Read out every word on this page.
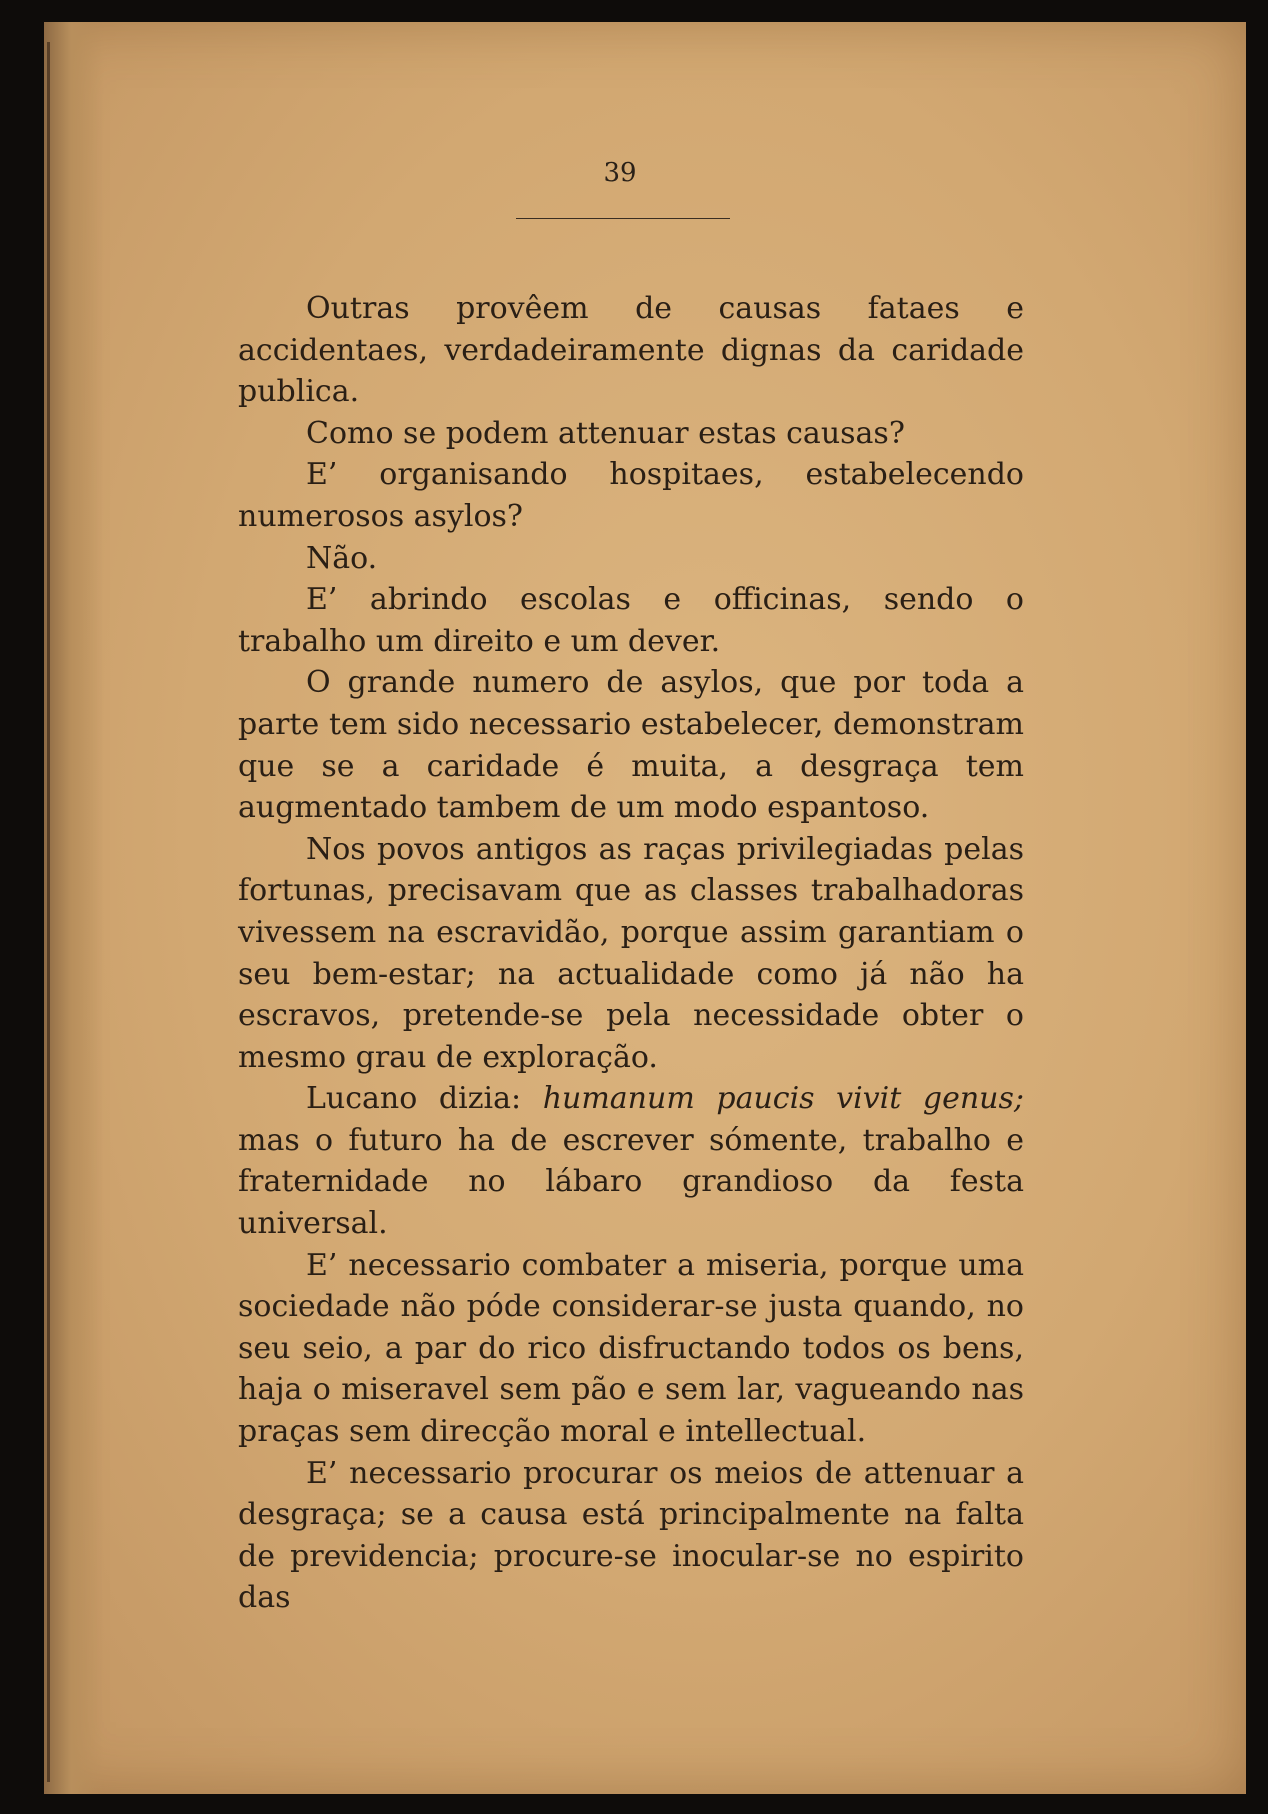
39

Outras provêem de causas fataes e accidentaes, verdadeiramente dignas da caridade publica.

Como se podem attenuar estas causas?

E’ organisando hospitaes, estabelecendo numerosos asylos?

Não.

E’ abrindo escolas e officinas, sendo o trabalho um direito e um dever.

O grande numero de asylos, que por toda a parte tem sido necessario estabelecer, demonstram que se a caridade é muita, a desgraça tem augmentado tambem de um modo espantoso.

Nos povos antigos as raças privilegiadas pelas fortunas, precisavam que as classes trabalhadoras vivessem na escravidão, porque assim garantiam o seu bem-estar; na actualidade como já não ha escravos, pretende-se pela necessidade obter o mesmo grau de exploração.

Lucano dizia: humanum paucis vivit genus; mas o futuro ha de escrever sómente, trabalho e fraternidade no lábaro grandioso da festa universal.

E’ necessario combater a miseria, porque uma sociedade não póde considerar-se justa quando, no seu seio, a par do rico disfructando todos os bens, haja o miseravel sem pão e sem lar, vagueando nas praças sem direcção moral e intellectual.

E’ necessario procurar os meios de attenuar a desgraça; se a causa está principalmente na falta de previdencia; procure-se inocular-se no espirito das
